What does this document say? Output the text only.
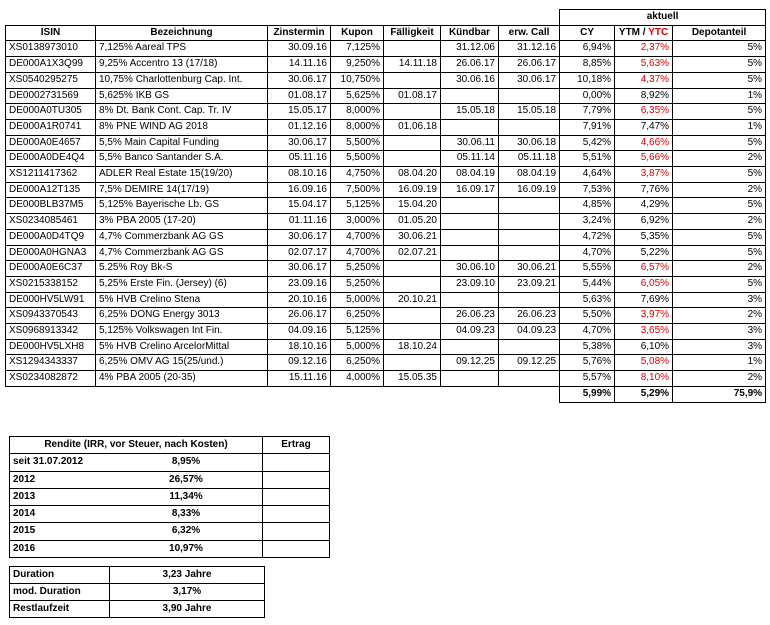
							aktuell		
ISIN	Bezeichnung	Zinstermin	Kupon	Fälligkeit	Kündbar	erw. Call	CY	YTM / YTC	Depotanteil
XS0138973010	7,125% Aareal TPS	30.09.16	7,125%		31.12.06	31.12.16	6,94%	2,37%	5%
DE000A1X3Q99	9,25% Accentro 13 (17/18)	14.11.16	9,250%	14.11.18	26.06.17	26.06.17	8,85%	5,63%	5%
XS0540295275	10,75% Charlottenburg Cap. Int.	30.06.17	10,750%		30.06.16	30.06.17	10,18%	4,37%	5%
DE0002731569	5,625% IKB GS	01.08.17	5,625%	01.08.17			0,00%	8,92%	1%
DE000A0TU305	8% Dt. Bank Cont. Cap. Tr. IV	15.05.17	8,000%		15.05.18	15.05.18	7,79%	6,35%	5%
DE000A1R0741	8% PNE WIND AG 2018	01.12.16	8,000%	01.06.18			7,91%	7,47%	1%
DE000A0E4657	5,5% Main Capital Funding	30.06.17	5,500%		30.06.11	30.06.18	5,42%	4,66%	5%
DE000A0DE4Q4	5,5% Banco Santander S.A.	05.11.16	5,500%		05.11.14	05.11.18	5,51%	5,66%	2%
XS1211417362	ADLER Real Estate 15(19/20)	08.10.16	4,750%	08.04.20	08.04.19	08.04.19	4,64%	3,87%	5%
DE000A12T135	7,5% DEMIRE 14(17/19)	16.09.16	7,500%	16.09.19	16.09.17	16.09.19	7,53%	7,76%	2%
DE000BLB37M5	5,125% Bayerische Lb. GS	15.04.17	5,125%	15.04.20			4,85%	4,29%	5%
XS0234085461	3% PBA 2005 (17-20)	01.11.16	3,000%	01.05.20			3,24%	6,92%	2%
DE000A0D4TQ9	4,7% Commerzbank AG GS	30.06.17	4,700%	30.06.21			4,72%	5,35%	5%
DE000A0HGNA3	4,7% Commerzbank AG GS	02.07.17	4,700%	02.07.21			4,70%	5,22%	5%
DE000A0E6C37	5.25% Roy Bk-S	30.06.17	5,250%		30.06.10	30.06.21	5,55%	6,57%	2%
XS0215338152	5,25% Erste Fin. (Jersey) (6)	23.09.16	5,250%		23.09.10	23.09.21	5,44%	6,05%	5%
DE000HV5LW91	5% HVB Crelino Stena	20.10.16	5,000%	20.10.21			5,63%	7,69%	3%
XS0943370543	6,25% DONG Energy 3013	26.06.17	6,250%		26.06.23	26.06.23	5,50%	3,97%	2%
XS0968913342	5,125% Volkswagen Int Fin.	04.09.16	5,125%		04.09.23	04.09.23	4,70%	3,65%	3%
DE000HV5LXH8	5% HVB Crelino ArcelorMittal	18.10.16	5,000%	18.10.24			5,38%	6,10%	3%
XS1294343337	6,25% OMV AG 15(25/und.)	09.12.16	6,250%		09.12.25	09.12.25	5,76%	5,08%	1%
XS0234082872	4% PBA 2005 (20-35)	15.11.16	4,000%	15.05.35			5,57%	8,10%	2%
							5,99%	5,29%	75,9%
Rendite (IRR, vor Steuer, nach Kosten)	Ertrag

seit 31.07.2012 8,95%	

2012 26,57%	

2013 11,34%	

2014 8,33%	

2015 6,32%	

2016 10,97%	

Duration	3,23 Jahre
mod. Duration	3,17%
Restlaufzeit	3,90 Jahre
